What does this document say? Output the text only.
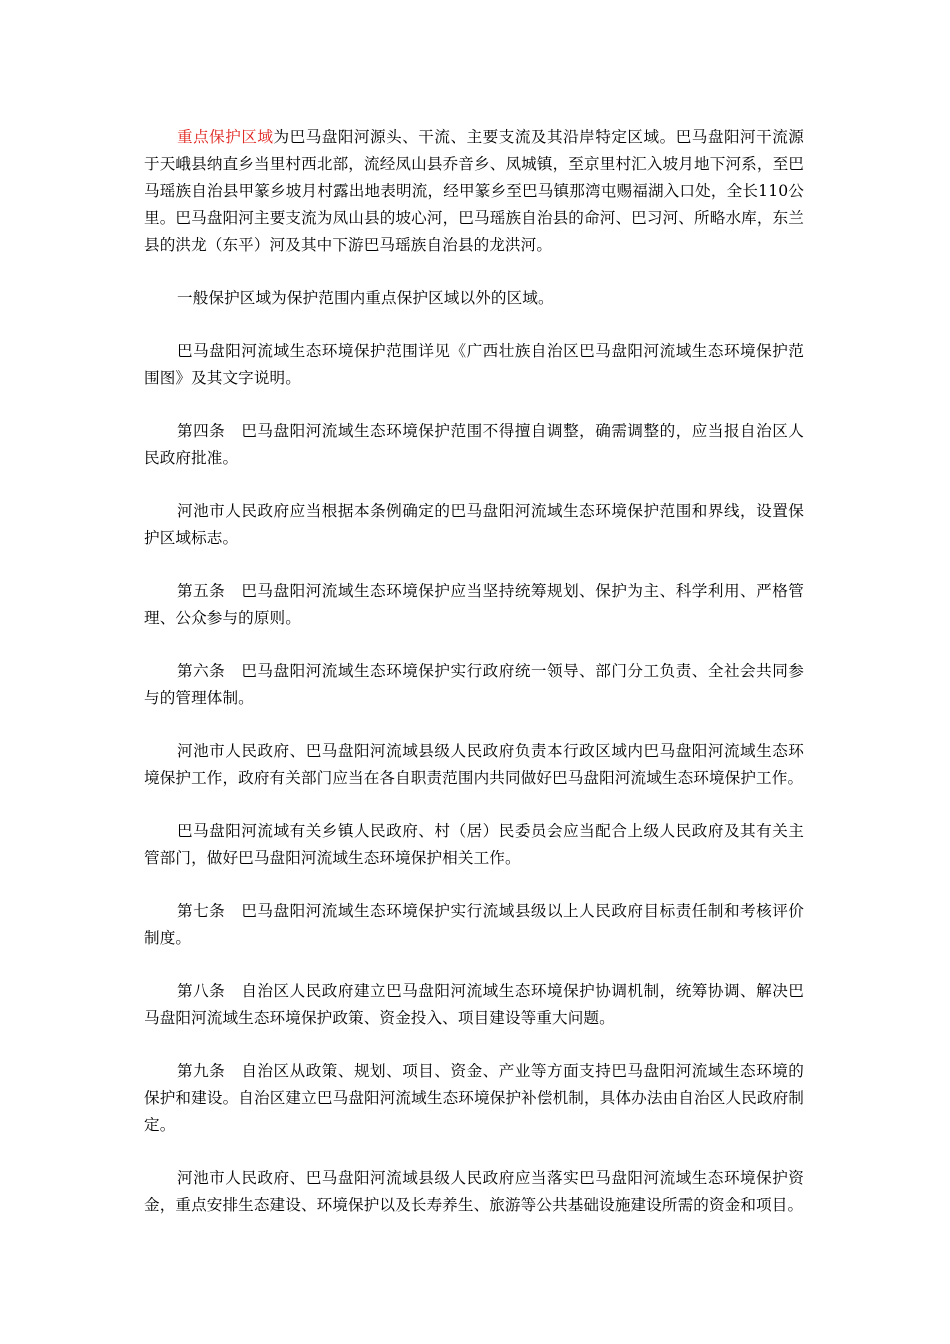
重点保护区域为巴马盘阳河源头、干流、主要支流及其沿岸特定区域。巴马盘阳河干流源于天峨县纳直乡当里村西北部，流经凤山县乔音乡、凤城镇，至京里村汇入坡月地下河系，至巴马瑶族自治县甲篆乡坡月村露出地表明流，经甲篆乡至巴马镇那湾屯赐福湖入口处，全长110公里。巴马盘阳河主要支流为凤山县的坡心河，巴马瑶族自治县的命河、巴习河、所略水库，东兰县的洪龙（东平）河及其中下游巴马瑶族自治县的龙洪河。

一般保护区域为保护范围内重点保护区域以外的区域。

巴马盘阳河流域生态环境保护范围详见《广西壮族自治区巴马盘阳河流域生态环境保护范围图》及其文字说明。

第四条　巴马盘阳河流域生态环境保护范围不得擅自调整，确需调整的，应当报自治区人民政府批准。

河池市人民政府应当根据本条例确定的巴马盘阳河流域生态环境保护范围和界线，设置保护区域标志。

第五条　巴马盘阳河流域生态环境保护应当坚持统筹规划、保护为主、科学利用、严格管理、公众参与的原则。

第六条　巴马盘阳河流域生态环境保护实行政府统一领导、部门分工负责、全社会共同参与的管理体制。

河池市人民政府、巴马盘阳河流域县级人民政府负责本行政区域内巴马盘阳河流域生态环境保护工作，政府有关部门应当在各自职责范围内共同做好巴马盘阳河流域生态环境保护工作。

巴马盘阳河流域有关乡镇人民政府、村（居）民委员会应当配合上级人民政府及其有关主管部门，做好巴马盘阳河流域生态环境保护相关工作。

第七条　巴马盘阳河流域生态环境保护实行流域县级以上人民政府目标责任制和考核评价制度。

第八条　自治区人民政府建立巴马盘阳河流域生态环境保护协调机制，统筹协调、解决巴马盘阳河流域生态环境保护政策、资金投入、项目建设等重大问题。

第九条　自治区从政策、规划、项目、资金、产业等方面支持巴马盘阳河流域生态环境的保护和建设。自治区建立巴马盘阳河流域生态环境保护补偿机制，具体办法由自治区人民政府制定。

河池市人民政府、巴马盘阳河流域县级人民政府应当落实巴马盘阳河流域生态环境保护资金，重点安排生态建设、环境保护以及长寿养生、旅游等公共基础设施建设所需的资金和项目。
